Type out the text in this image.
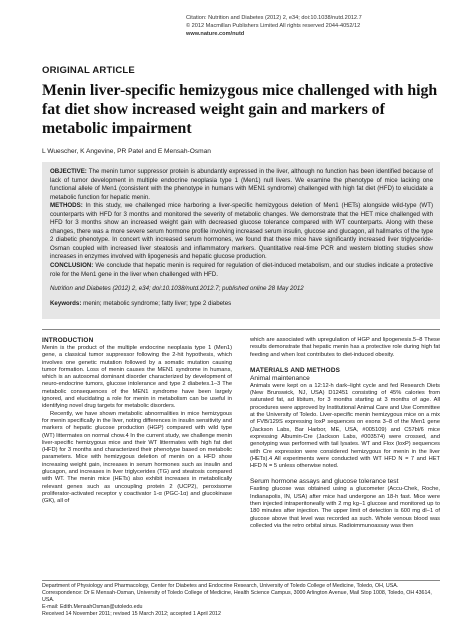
Citation: Nutrition and Diabetes (2012) 2, e34; doi:10.1038/nutd.2012.7
© 2012 Macmillan Publishers Limited All rights reserved 2044-4052/12
www.nature.com/nutd
ORIGINAL ARTICLE
Menin liver-specific hemizygous mice challenged with high fat diet show increased weight gain and markers of metabolic impairment
L Wuescher, K Angevine, PR Patel and E Mensah-Osman

OBJECTIVE: The menin tumor suppressor protein is abundantly expressed in the liver, although no function has been identified because of lack of tumor development in multiple endocrine neoplasia type 1 (Men1) null livers. We examine the phenotype of mice lacking one functional allele of Men1 (consistent with the phenotype in humans with MEN1 syndrome) challenged with high fat diet (HFD) to elucidate a metabolic function for hepatic menin.

METHODS: In this study, we challenged mice harboring a liver-specific hemizygous deletion of Men1 (HETs) alongside wild-type (WT) counterparts with HFD for 3 months and monitored the severity of metabolic changes. We demonstrate that the HET mice challenged with HFD for 3 months show an increased weight gain with decreased glucose tolerance compared with WT counterparts. Along with these changes, there was a more severe serum hormone profile involving increased serum insulin, glucose and glucagon, all hallmarks of the type 2 diabetic phenotype. In concert with increased serum hormones, we found that these mice have significantly increased liver triglyceride-Osman coupled with increased liver steatosis and inflammatory markers. Quantitative real-time PCR and western blotting studies show increases in enzymes involved with lipogenesis and hepatic glucose production.

CONCLUSION: We conclude that hepatic menin is required for regulation of diet-induced metabolism, and our studies indicate a protective role for the Men1 gene in the liver when challenged with HFD.

Nutrition and Diabetes (2012) 2, e34; doi:10.1038/nutd.2012.7; published online 28 May 2012

Keywords: menin; metabolic syndrome; fatty liver; type 2 diabetes

INTRODUCTION

Menin is the product of the multiple endocrine neoplasia type 1 (Men1) gene, a classical tumor suppressor following the 2-hit hypothesis, which involves one genetic mutation followed by a somatic mutation causing tumor formation. Loss of menin causes the MEN1 syndrome in humans, which is an autosomal dominant disorder characterized by development of neuro-endocrine tumors, glucose intolerance and type 2 diabetes.1–3 The metabolic consequences of the MEN1 syndrome have been largely ignored, and elucidating a role for menin in metabolism can be useful in identifying novel drug targets for metabolic disorders.

Recently, we have shown metabolic abnormalities in mice hemizygous for menin specifically in the liver, noting differences in insulin sensitivity and markers of hepatic glucose production (HGP) compared with wild type (WT) littermates on normal chow.4 In the current study, we challenge menin liver-specific hemizygous mice and their WT littermates with high fat diet (HFD) for 3 months and characterized their phenotype based on metabolic parameters. Mice with hemizygous deletion of menin on a HFD show increasing weight gain, increases in serum hormones such as insulin and glucagon, and increases in liver triglycerides (TG) and steatosis compared with WT. The menin mice (HETs) also exhibit increases in metabolically relevant genes such as uncoupling protein 2 (UCP2), peroxisome proliferator-activated receptor γ coactivator 1-α (PGC-1α) and glucokinase (GK), all of

which are associated with upregulation of HGP and lipogenesis.5–8 These results demonstrate that hepatic menin has a protective role during high fat feeding and when lost contributes to diet-induced obesity.

MATERIALS AND METHODS
Animal maintenance

Animals were kept on a 12:12-h dark–light cycle and fed Research Diets (New Brunswick, NJ, USA) D12451 consisting of 45% calories from saturated fat, ad libitum, for 3 months starting at 3 months of age. All procedures were approved by Institutional Animal Care and Use Committee at the University of Toledo. Liver-specific menin hemizygous mice on a mix of FVB/129S expressing loxP sequences on exons 3–8 of the Men1 gene (Jackson Labs, Bar Harbor, ME, USA, #005109) and C57bl/6 mice expressing Albumin-Cre (Jackson Labs, #003574) were crossed, and genotyping was performed with tail lysates. WT and Flox (loxP) sequences with Cre expression were considered hemizygous for menin in the liver (HETs).4 All experiments were conducted with WT HFD N = 7 and HET HFD N = 5 unless otherwise noted.

Serum hormone assays and glucose tolerance test

Fasting glucose was obtained using a glucometer (Accu-Chek, Roche, Indianapolis, IN, USA) after mice had undergone an 18-h fast. Mice were then injected intraperitoneally with 2 mg kg−1 glucose and monitored up to 180 minutes after injection. The upper limit of detection is 600 mg dl−1 of glucose above that level was recorded as such. Whole venous blood was collected via the retro orbital sinus. Radioimmunoassay was then

Department of Physiology and Pharmacology, Center for Diabetes and Endocrine Research, University of Toledo College of Medicine, Toledo, OH, USA. Correspondence: Dr E Mensah-Osman, University of Toledo College of Medicine, Health Science Campus, 3000 Arlington Avenue, Mail Stop 1008, Toledo, OH 43614, USA.
E-mail: Edith.MensahOsman@utoledo.edu
Received 14 November 2011; revised 15 March 2012; accepted 1 April 2012
